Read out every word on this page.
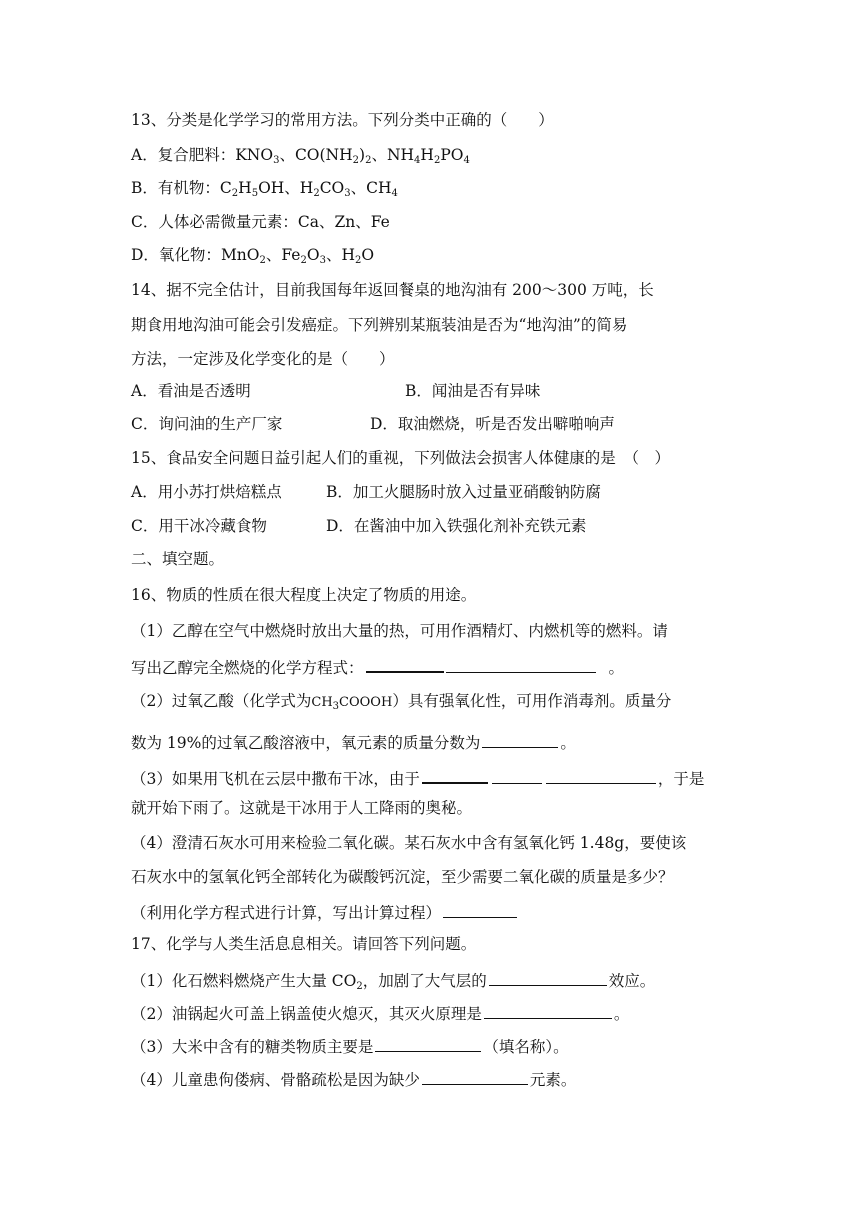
13、分类是化学学习的常用方法。下列分类中正确的（　　）
A．复合肥料：$KNO_3$、$CO(NH_2)_2$、$NH_4H_2PO_4$
B．有机物：$C_2H_5OH$、$H_2CO_3$、$CH_4$
C．人体必需微量元素：Ca、Zn、Fe
D．氧化物：MnO$_2$、$Fe_2O_3$、$H_2O$
14、据不完全估计，目前我国每年返回餐桌的地沟油有 200～300 万吨，长
期食用地沟油可能会引发癌症。下列辨别某瓶装油是否为“地沟油”的简易
方法，一定涉及化学变化的是（　　）
A．看油是否透明	B．闻油是否有异味
C．询问油的生产厂家	D．取油燃烧，听是否发出噼啪响声
15、食品安全问题日益引起人们的重视，下列做法会损害人体健康的是　（　）
A．用小苏打烘焙糕点	B．加工火腿肠时放入过量亚硝酸钠防腐
C．用干冰冷藏食物	D．在酱油中加入铁强化剂补充铁元素
二、填空题。
16、物质的性质在很大程度上决定了物质的用途。
（1）乙醇在空气中燃烧时放出大量的热，可用作酒精灯、内燃机等的燃料。请
写出乙醇完全燃烧的化学方程式：	。
（2）过氧乙酸（化学式为$CH_3COOOH$）具有强氧化性，可用作消毒剂。质量分
数为 19%的过氧乙酸溶液中，氧元素的质量分数为	。
（3）如果用飞机在云层中撒布干冰，由于	，于是
就开始下雨了。这就是干冰用于人工降雨的奥秘。
（4）澄清石灰水可用来检验二氧化碳。某石灰水中含有氢氧化钙 1.48g，要使该
石灰水中的氢氧化钙全部转化为碳酸钙沉淀，至少需要二氧化碳的质量是多少？
（利用化学方程式进行计算，写出计算过程）
17、化学与人类生活息息相关。请回答下列问题。
（1）化石燃料燃烧产生大量 $CO_2$，加剧了大气层的	效应。
（2）油锅起火可盖上锅盖使火熄灭，其灭火原理是	。
（3）大米中含有的糖类物质主要是	（填名称）。
（4）儿童患佝偻病、骨骼疏松是因为缺少	元素。
